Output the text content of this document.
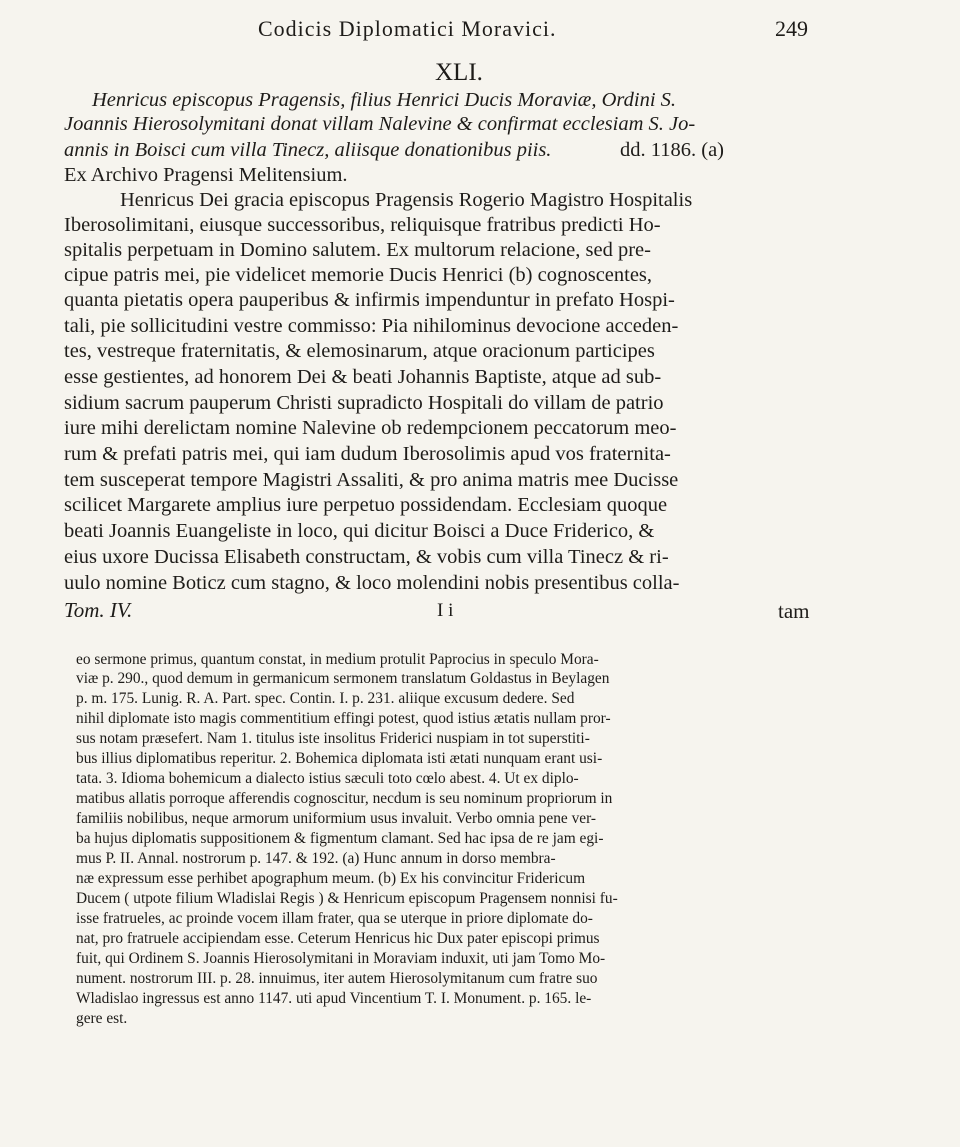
Codicis Diplomatici Moravici.	249
XLI.
Henricus episcopus Pragensis, filius Henrici Ducis Moraviæ, Ordini S.
Joannis Hierosolymitani donat villam Nalevine & confirmat ecclesiam S. Jo-
annis in Boisci cum villa Tinecz, aliisque donationibus piis.	dd. 1186. (a)
Ex Archivo Pragensi Melitensium.
Henricus Dei gracia episcopus Pragensis Rogerio Magistro Hospitalis
Iberosolimitani, eiusque successoribus, reliquisque fratribus predicti Ho-
spitalis perpetuam in Domino salutem. Ex multorum relacione, sed pre-
cipue patris mei, pie videlicet memorie Ducis Henrici (b) cognoscentes,
quanta pietatis opera pauperibus & infirmis impenduntur in prefato Hospi-
tali, pie sollicitudini vestre commisso: Pia nihilominus devocione acceden-
tes, vestreque fraternitatis, & elemosinarum, atque oracionum participes
esse gestientes, ad honorem Dei & beati Johannis Baptiste, atque ad sub-
sidium sacrum pauperum Christi supradicto Hospitali do villam de patrio
iure mihi derelictam nomine Nalevine ob redempcionem peccatorum meo-
rum & prefati patris mei, qui iam dudum Iberosolimis apud vos fraternita-
tem susceperat tempore Magistri Assaliti, & pro anima matris mee Ducisse
scilicet Margarete amplius iure perpetuo possidendam. Ecclesiam quoque
beati Joannis Euangeliste in loco, qui dicitur Boisci a Duce Friderico, &
eius uxore Ducissa Elisabeth constructam, & vobis cum villa Tinecz & ri-
uulo nomine Boticz cum stagno, & loco molendini nobis presentibus colla-
Tom. IV.	I i	tam
eo sermone primus, quantum constat, in medium protulit Paprocius in speculo Mora-
viæ p. 290., quod demum in germanicum sermonem translatum Goldastus in Beylagen
p. m. 175. Lunig. R. A. Part. spec. Contin. I. p. 231. aliique excusum dedere. Sed
nihil diplomate isto magis commentitium effingi potest, quod istius ætatis nullam pror-
sus notam præsefert. Nam 1. titulus iste insolitus Friderici nuspiam in tot superstiti-
bus illius diplomatibus reperitur. 2. Bohemica diplomata isti ætati nunquam erant usi-
tata. 3. Idioma bohemicum a dialecto istius sæculi toto cœlo abest. 4. Ut ex diplo-
matibus allatis porroque afferendis cognoscitur, necdum is seu nominum propriorum in
familiis nobilibus, neque armorum uniformium usus invaluit. Verbo omnia pene ver-
ba hujus diplomatis suppositionem & figmentum clamant. Sed hac ipsa de re jam egi-
mus P. II. Annal. nostrorum p. 147. & 192. (a) Hunc annum in dorso membra-
næ expressum esse perhibet apographum meum. (b) Ex his convincitur Fridericum
Ducem ( utpote filium Wladislai Regis ) & Henricum episcopum Pragensem nonnisi fu-
isse fratrueles, ac proinde vocem illam frater, qua se uterque in priore diplomate do-
nat, pro fratruele accipiendam esse. Ceterum Henricus hic Dux pater episcopi primus
fuit, qui Ordinem S. Joannis Hierosolymitani in Moraviam induxit, uti jam Tomo Mo-
nument. nostrorum III. p. 28. innuimus, iter autem Hierosolymitanum cum fratre suo
Wladislao ingressus est anno 1147. uti apud Vincentium T. I. Monument. p. 165. le-
gere est.
